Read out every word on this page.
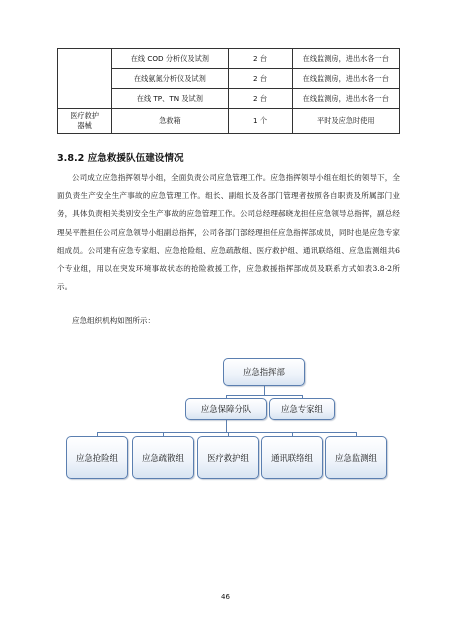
	在线 COD 分析仪及试剂	2 台	在线监测房，进出水各一台
	在线氨氮分析仪及试剂	2 台	在线监测房，进出水各一台
	在线 TP、TN 及试剂	2 台	在线监测房，进出水各一台

医疗救护
器械	急救箱	1 个	平时及应急时使用
3.8.2 应急救援队伍建设情况

公司成立应急指挥领导小组，全面负责公司应急管理工作。应急指挥领导小组在组长的领导下，全面负责生产安全生产事故的应急管理工作。组长、副组长及各部门管理者按照各自职责及所属部门业务，具体负责相关类别安全生产事故的应急管理工作。公司总经理郝晓龙担任应急领导总指挥，副总经理吴平胜担任公司应急领导小组副总指挥，公司各部门部经理担任应急指挥部成员，同时也是应急专家组成员。公司建有应急专家组、应急抢险组、应急疏散组、医疗救护组、通讯联络组、应急监测组共6个专业组，用以在突发环境事故状态的抢险救援工作，应急救援指挥部成员及联系方式如表3.8-2所示。

应急组织机构如图所示：
应急指挥部
应急保障分队	应急专家组
应急抢险组	应急疏散组	医疗救护组	通讯联络组	应急监测组
46
